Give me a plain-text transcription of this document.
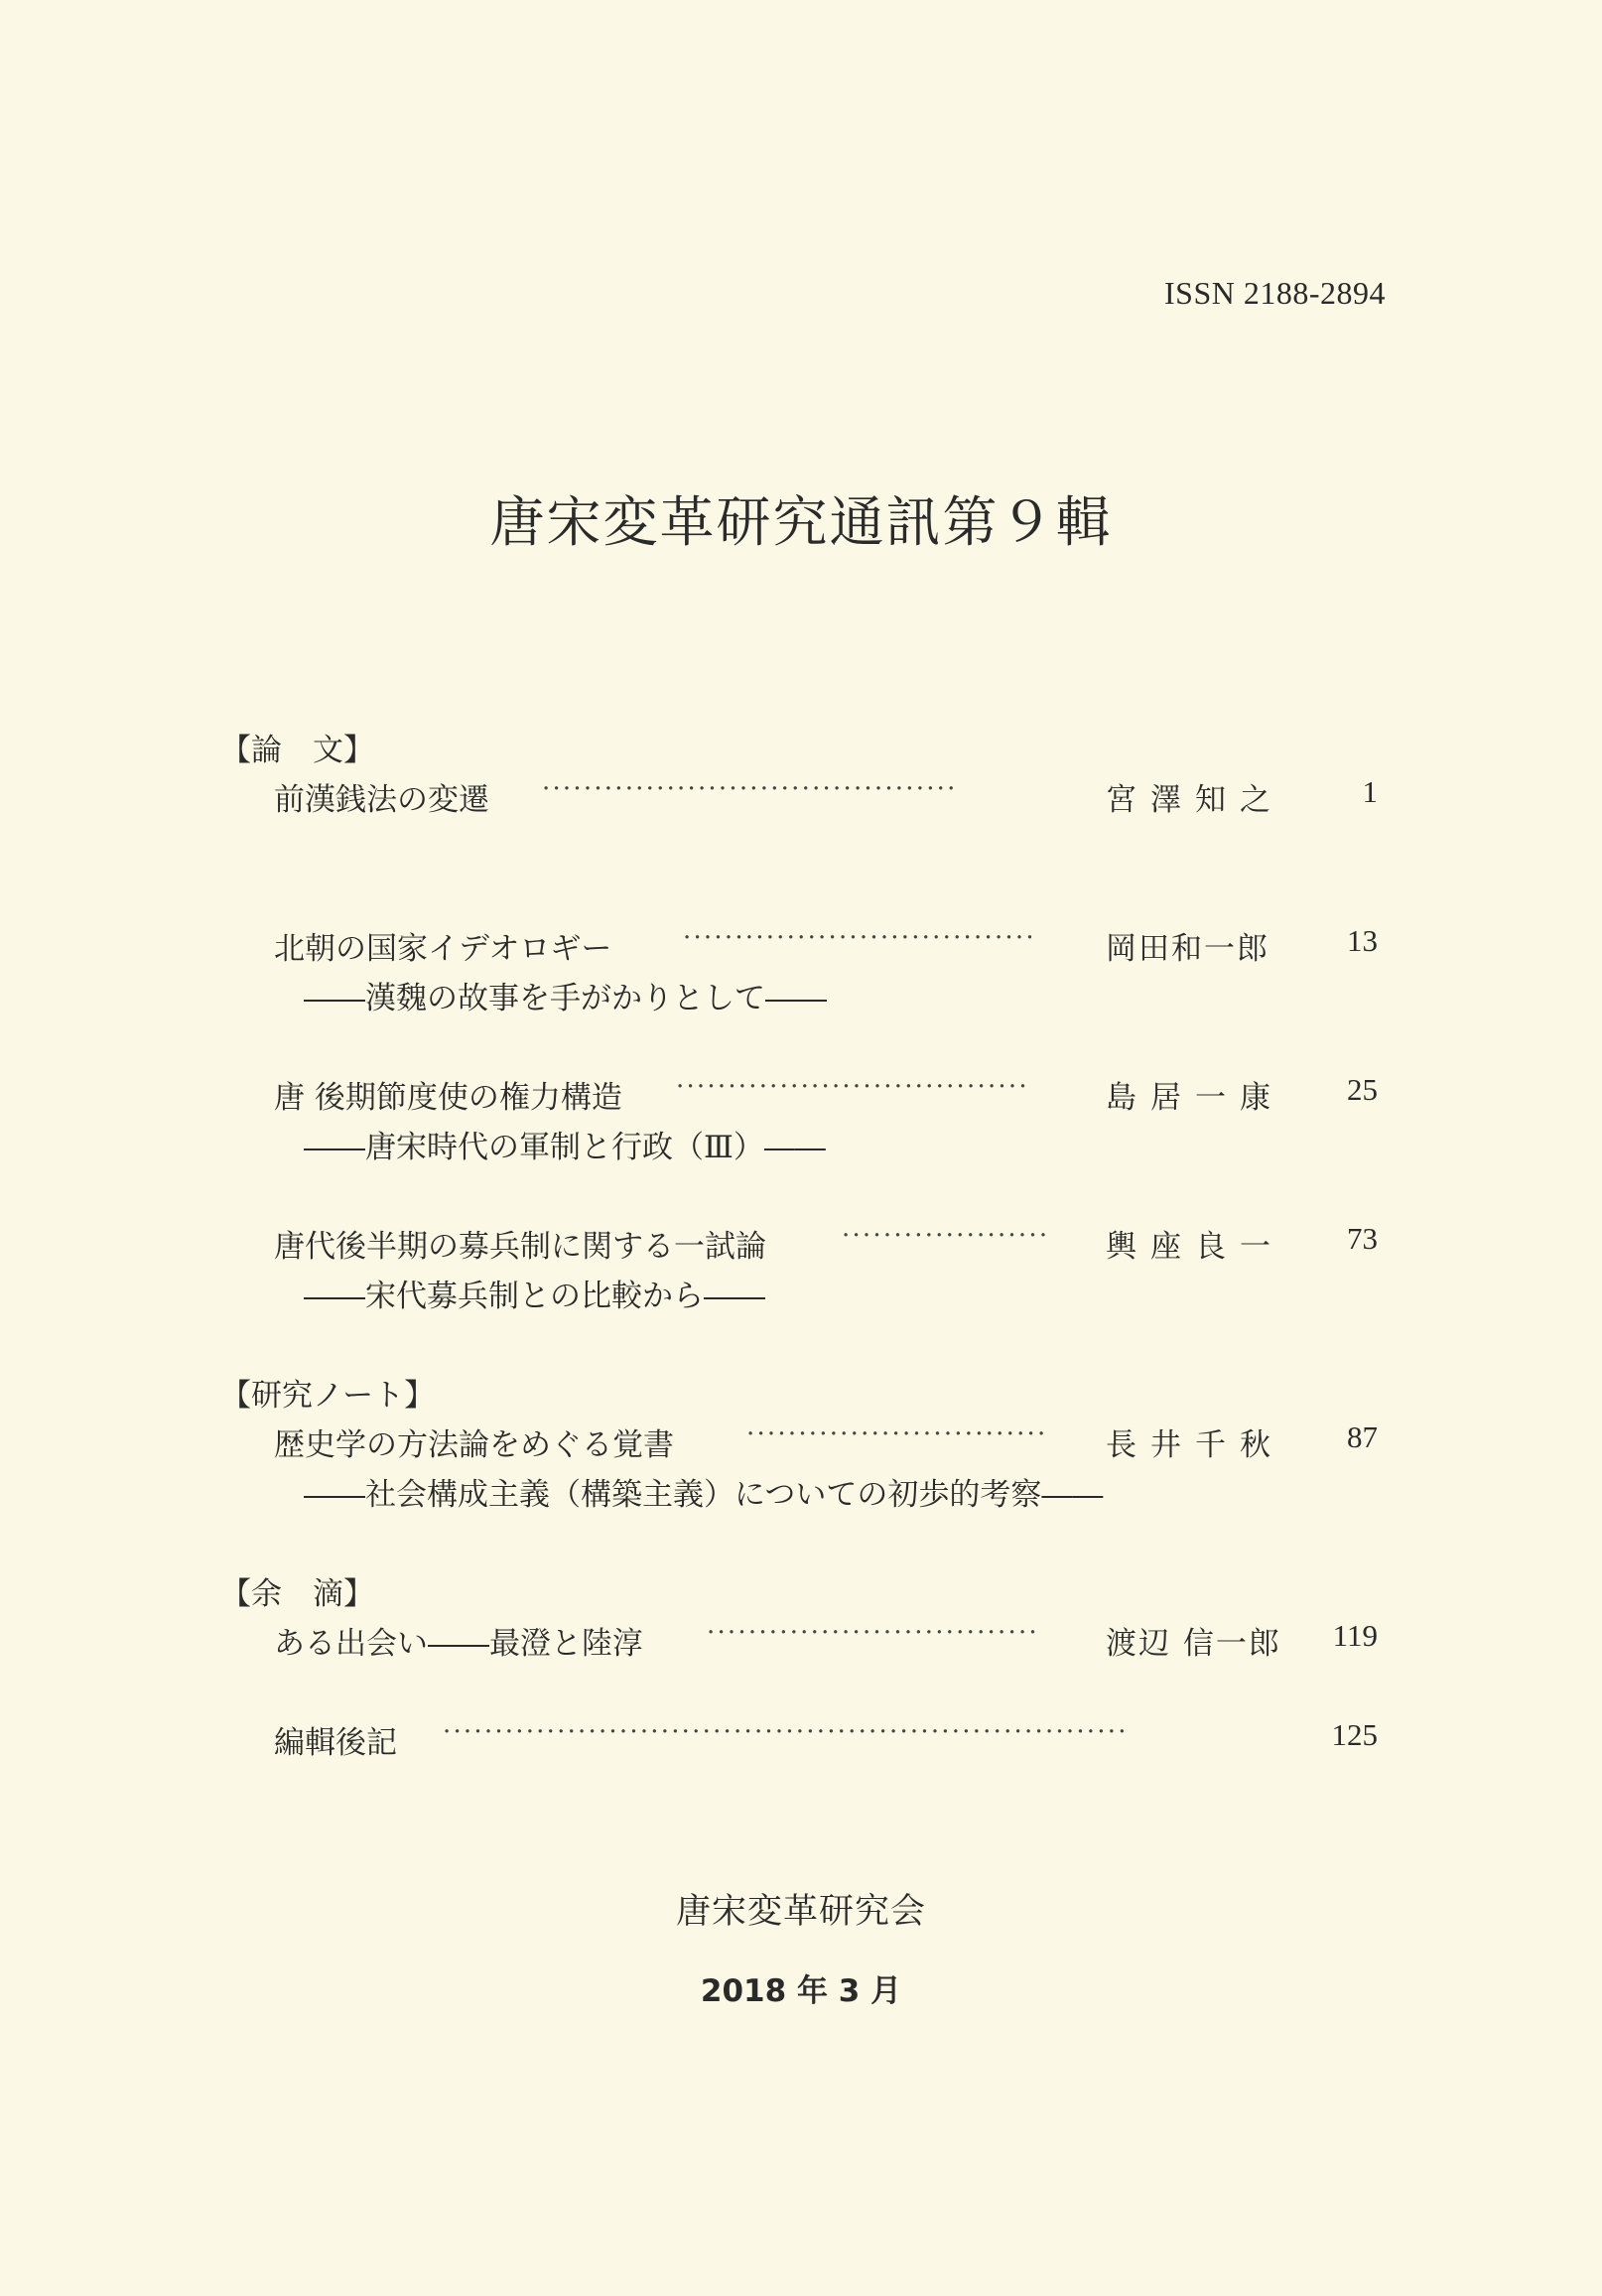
ISSN 2188-2894
唐宋変革研究通訊第９輯
【論　文】
前漢銭法の変遷 ········································	宮澤知之	1
北朝の国家イデオロギー	··································	岡田和一郎	13
――漢魏の故事を手がかりとして――
唐 後期節度使の権力構造 ··································	島居一康 25
――唐宋時代の軍制と行政（Ⅲ）――
唐代後半期の募兵制に関する一試論	····················	輿座良一 73
――宋代募兵制との比較から――
【研究ノート】
歴史学の方法論をめぐる覚書	·····························	長井千秋 87
――社会構成主義（構築主義）についての初歩的考察――
【余　滴】
ある出会い――最澄と陸淳 ································	渡辺 信一郎 119
編輯後記 ··································································	125
唐宋変革研究会
2018 年 3 月
